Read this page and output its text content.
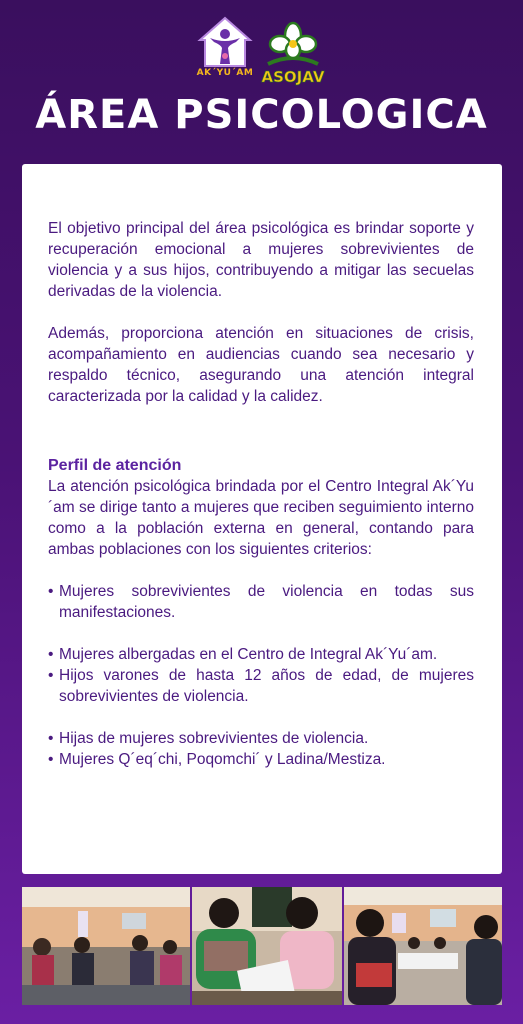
AK´YU´AM ASOJAV
ÁREA PSICOLOGICA

El objetivo principal del área psicológica es brindar soporte y recuperación emocional a mujeres sobrevivientes de violencia y a sus hijos, contribuyendo a mitigar las secuelas derivadas de la violencia.

Además, proporciona atención en situaciones de crisis, acompañamiento en audiencias cuando sea necesario y respaldo técnico, asegurando una atención integral caracterizada por la calidad y la calidez.

Perfil de atención

La atención psicológica brindada por el Centro Integral Ak´Yu´am se dirige tanto a mujeres que reciben seguimiento interno como a la población externa en general, contando para ambas poblaciones con los siguientes criterios:

• Mujeres sobrevivientes de violencia en todas sus manifestaciones.
• Mujeres albergadas en el Centro de Integral Ak´Yu´am.
• Hijos varones de hasta 12 años de edad, de mujeres sobrevivientes de violencia.
• Hijas de mujeres sobrevivientes de violencia.
• Mujeres Q´eq´chi, Poqomchi´ y Ladina/Mestiza.
